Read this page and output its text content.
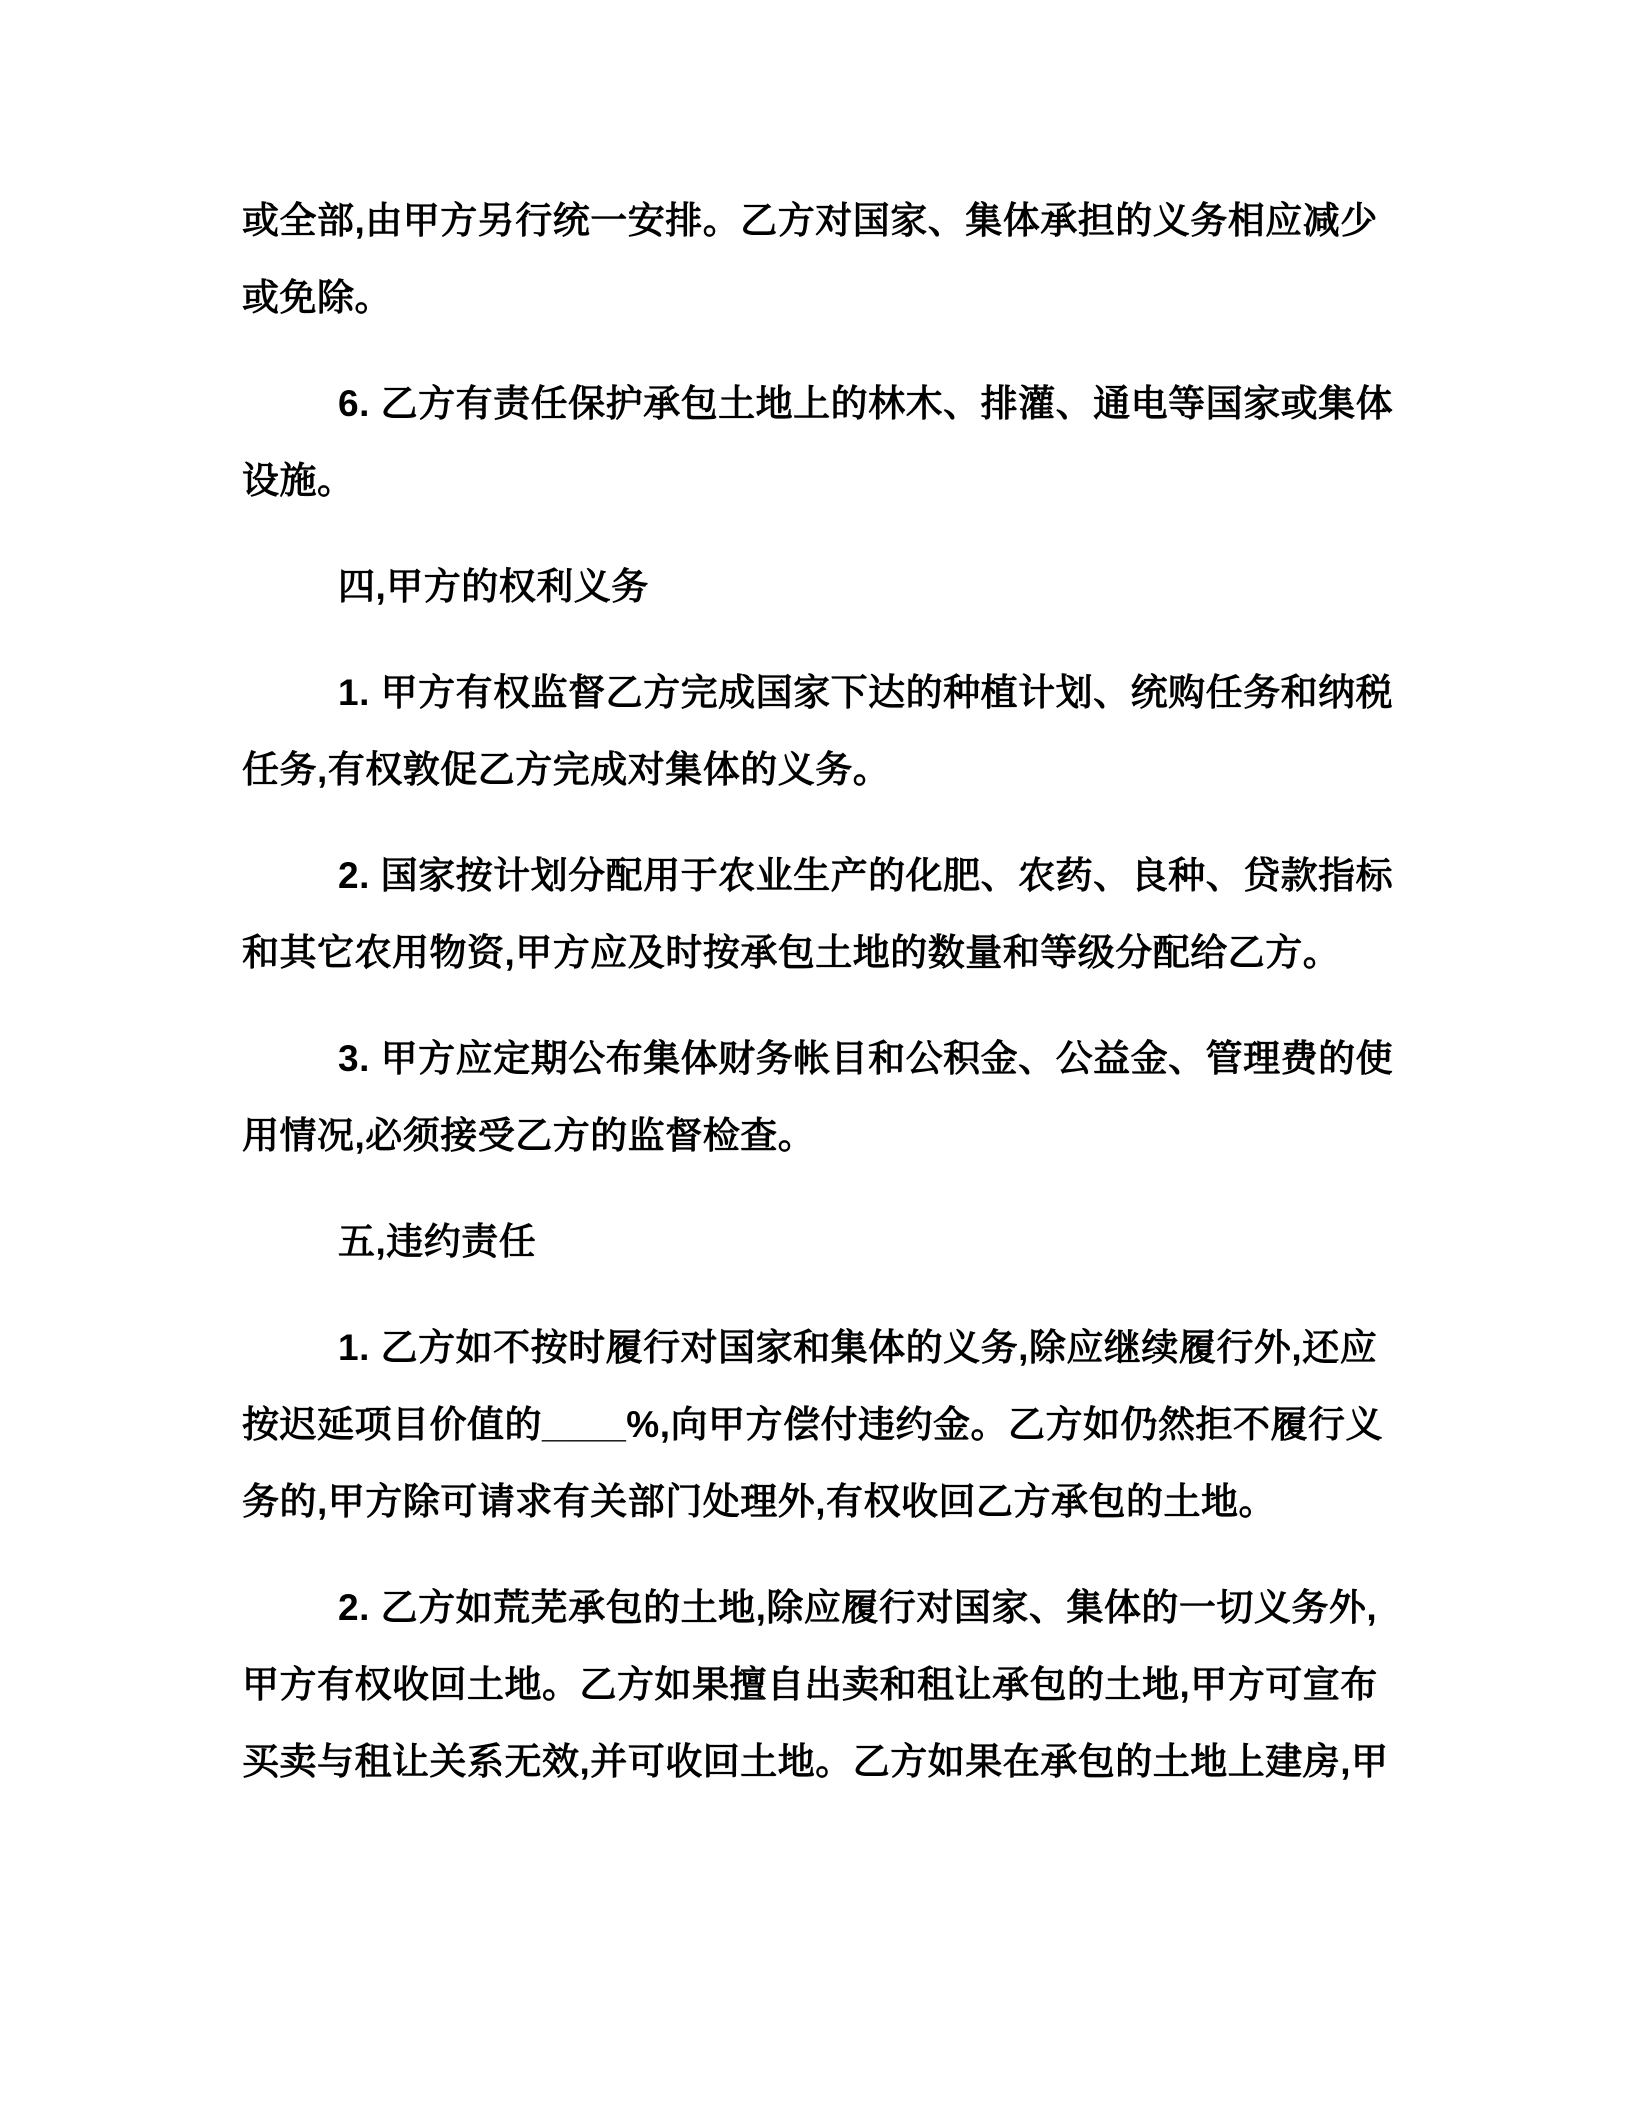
或全部,由甲方另行统一安排。乙方对国家、集体承担的义务相应减少
或免除。

6. 乙方有责任保护承包土地上的林木、排灌、通电等国家或集体
设施。

四,甲方的权利义务

1. 甲方有权监督乙方完成国家下达的种植计划、统购任务和纳税
任务,有权敦促乙方完成对集体的义务。

2. 国家按计划分配用于农业生产的化肥、农药、良种、贷款指标
和其它农用物资,甲方应及时按承包土地的数量和等级分配给乙方。

3. 甲方应定期公布集体财务帐目和公积金、公益金、管理费的使
用情况,必须接受乙方的监督检查。

五,违约责任

1. 乙方如不按时履行对国家和集体的义务,除应继续履行外,还应
按迟延项目价值的____%,向甲方偿付违约金。乙方如仍然拒不履行义
务的,甲方除可请求有关部门处理外,有权收回乙方承包的土地。

2. 乙方如荒芜承包的土地,除应履行对国家、集体的一切义务外,
甲方有权收回土地。乙方如果擅自出卖和租让承包的土地,甲方可宣布
买卖与租让关系无效,并可收回土地。乙方如果在承包的土地上建房,甲
